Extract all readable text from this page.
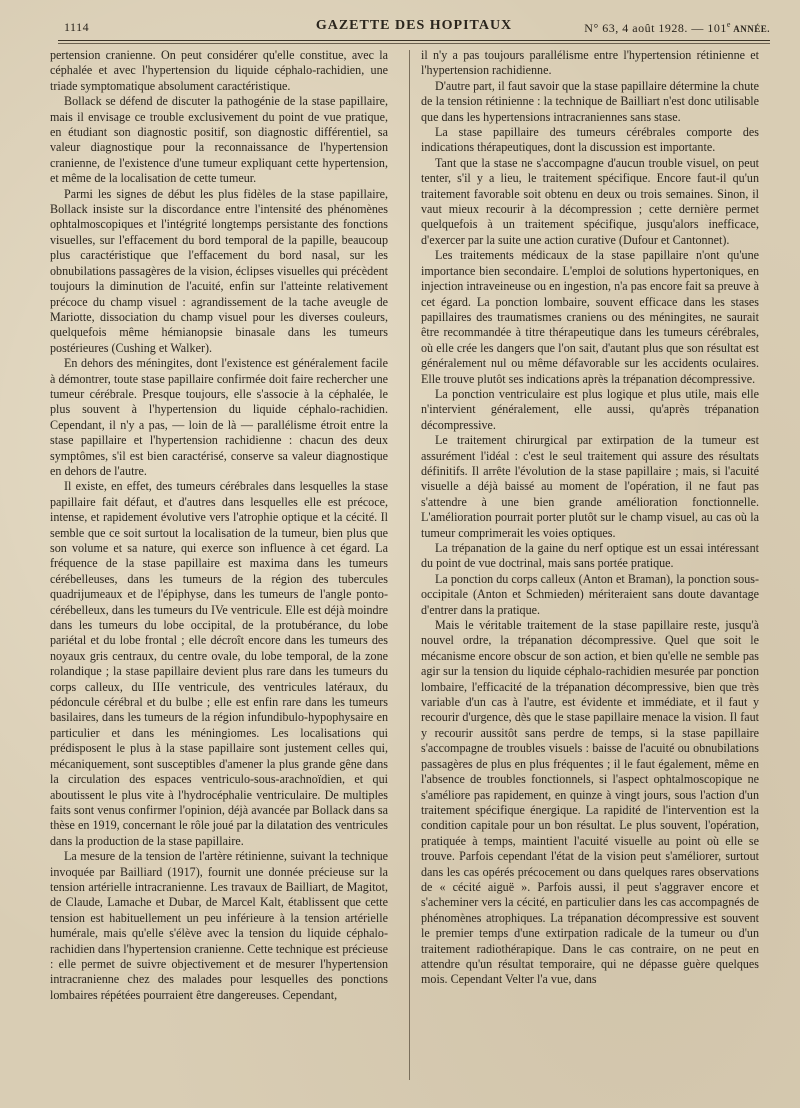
1114	GAZETTE DES HOPITAUX	N° 63, 4 août 1928. — 101e ANNÉE.

pertension cranienne. On peut considérer qu'elle constitue, avec la céphalée et avec l'hypertension du liquide céphalo-rachidien, une triade symptomatique absolument caractéristique.

Bollack se défend de discuter la pathogénie de la stase papillaire, mais il envisage ce trouble exclusivement du point de vue pratique, en étudiant son diagnostic positif, son diagnostic différentiel, sa valeur diagnostique pour la reconnaissance de l'hypertension cranienne, de l'existence d'une tumeur expliquant cette hypertension, et même de la localisation de cette tumeur.

Parmi les signes de début les plus fidèles de la stase papillaire, Bollack insiste sur la discordance entre l'intensité des phénomènes ophtalmoscopiques et l'intégrité longtemps persistante des fonctions visuelles, sur l'effacement du bord temporal de la papille, beaucoup plus caractéristique que l'effacement du bord nasal, sur les obnubilations passagères de la vision, éclipses visuelles qui précèdent toujours la diminution de l'acuité, enfin sur l'atteinte relativement précoce du champ visuel : agrandissement de la tache aveugle de Mariotte, dissociation du champ visuel pour les diverses couleurs, quelquefois même hémianopsie binasale dans les tumeurs postérieures (Cushing et Walker).

En dehors des méningites, dont l'existence est généralement facile à démontrer, toute stase papillaire confirmée doit faire rechercher une tumeur cérébrale. Presque toujours, elle s'associe à la céphalée, le plus souvent à l'hypertension du liquide céphalo-rachidien. Cependant, il n'y a pas, — loin de là — parallélisme étroit entre la stase papillaire et l'hypertension rachidienne : chacun des deux symptômes, s'il est bien caractérisé, conserve sa valeur diagnostique en dehors de l'autre.

Il existe, en effet, des tumeurs cérébrales dans lesquelles la stase papillaire fait défaut, et d'autres dans lesquelles elle est précoce, intense, et rapidement évolutive vers l'atrophie optique et la cécité. Il semble que ce soit surtout la localisation de la tumeur, bien plus que son volume et sa nature, qui exerce son influence à cet égard. La fréquence de la stase papillaire est maxima dans les tumeurs cérébelleuses, dans les tumeurs de la région des tubercules quadrijumeaux et de l'épiphyse, dans les tumeurs de l'angle ponto-cérébelleux, dans les tumeurs du IVe ventricule. Elle est déjà moindre dans les tumeurs du lobe occipital, de la protubérance, du lobe pariétal et du lobe frontal ; elle décroît encore dans les tumeurs des noyaux gris centraux, du centre ovale, du lobe temporal, de la zone rolandique ; la stase papillaire devient plus rare dans les tumeurs du corps calleux, du IIIe ventricule, des ventricules latéraux, du pédoncule cérébral et du bulbe ; elle est enfin rare dans les tumeurs basilaires, dans les tumeurs de la région infundibulo-hypophysaire en particulier et dans les méningiomes. Les localisations qui prédisposent le plus à la stase papillaire sont justement celles qui, mécaniquement, sont susceptibles d'amener la plus grande gêne dans la circulation des espaces ventriculo-sous-arachnoïdien, et qui aboutissent le plus vite à l'hydrocéphalie ventriculaire. De multiples faits sont venus confirmer l'opinion, déjà avancée par Bollack dans sa thèse en 1919, concernant le rôle joué par la dilatation des ventricules dans la production de la stase papillaire.

La mesure de la tension de l'artère rétinienne, suivant la technique invoquée par Bailliard (1917), fournit une donnée précieuse sur la tension artérielle intracranienne. Les travaux de Bailliart, de Magitot, de Claude, Lamache et Dubar, de Marcel Kalt, établissent que cette tension est habituellement un peu inférieure à la tension artérielle humérale, mais qu'elle s'élève avec la tension du liquide céphalo-rachidien dans l'hypertension cranienne. Cette technique est précieuse : elle permet de suivre objectivement et de mesurer l'hypertension intracranienne chez des malades pour lesquelles des ponctions lombaires répétées pourraient être dangereuses. Cependant,

il n'y a pas toujours parallélisme entre l'hypertension rétinienne et l'hypertension rachidienne.

D'autre part, il faut savoir que la stase papillaire détermine la chute de la tension rétinienne : la technique de Bailliart n'est donc utilisable que dans les hypertensions intracraniennes sans stase.

La stase papillaire des tumeurs cérébrales comporte des indications thérapeutiques, dont la discussion est importante.

Tant que la stase ne s'accompagne d'aucun trouble visuel, on peut tenter, s'il y a lieu, le traitement spécifique. Encore faut-il qu'un traitement favorable soit obtenu en deux ou trois semaines. Sinon, il vaut mieux recourir à la décompression ; cette dernière permet quelquefois à un traitement spécifique, jusqu'alors inefficace, d'exercer par la suite une action curative (Dufour et Cantonnet).

Les traitements médicaux de la stase papillaire n'ont qu'une importance bien secondaire. L'emploi de solutions hypertoniques, en injection intraveineuse ou en ingestion, n'a pas encore fait sa preuve à cet égard. La ponction lombaire, souvent efficace dans les stases papillaires des traumatismes craniens ou des méningites, ne saurait être recommandée à titre thérapeutique dans les tumeurs cérébrales, où elle crée les dangers que l'on sait, d'autant plus que son résultat est généralement nul ou même défavorable sur les accidents oculaires. Elle trouve plutôt ses indications après la trépanation décompressive.

La ponction ventriculaire est plus logique et plus utile, mais elle n'intervient généralement, elle aussi, qu'après trépanation décompressive.

Le traitement chirurgical par extirpation de la tumeur est assurément l'idéal : c'est le seul traitement qui assure des résultats définitifs. Il arrête l'évolution de la stase papillaire ; mais, si l'acuité visuelle a déjà baissé au moment de l'opération, il ne faut pas s'attendre à une bien grande amélioration fonctionnelle. L'amélioration pourrait porter plutôt sur le champ visuel, au cas où la tumeur comprimerait les voies optiques.

La trépanation de la gaine du nerf optique est un essai intéressant du point de vue doctrinal, mais sans portée pratique.

La ponction du corps calleux (Anton et Braman), la ponction sous-occipitale (Anton et Schmieden) mériteraient sans doute davantage d'entrer dans la pratique.

Mais le véritable traitement de la stase papillaire reste, jusqu'à nouvel ordre, la trépanation décompressive. Quel que soit le mécanisme encore obscur de son action, et bien qu'elle ne semble pas agir sur la tension du liquide céphalo-rachidien mesurée par ponction lombaire, l'efficacité de la trépanation décompressive, bien que très variable d'un cas à l'autre, est évidente et immédiate, et il faut y recourir d'urgence, dès que le stase papillaire menace la vision. Il faut y recourir aussitôt sans perdre de temps, si la stase papillaire s'accompagne de troubles visuels : baisse de l'acuité ou obnubilations passagères de plus en plus fréquentes ; il le faut également, même en l'absence de troubles fonctionnels, si l'aspect ophtalmoscopique ne s'améliore pas rapidement, en quinze à vingt jours, sous l'action d'un traitement spécifique énergique. La rapidité de l'intervention est la condition capitale pour un bon résultat. Le plus souvent, l'opération, pratiquée à temps, maintient l'acuité visuelle au point où elle se trouve. Parfois cependant l'état de la vision peut s'améliorer, surtout dans les cas opérés précocement ou dans quelques rares observations de « cécité aiguë ». Parfois aussi, il peut s'aggraver encore et s'acheminer vers la cécité, en particulier dans les cas accompagnés de phénomènes atrophiques. La trépanation décompressive est souvent le premier temps d'une extirpation radicale de la tumeur ou d'un traitement radiothérapique. Dans le cas contraire, on ne peut en attendre qu'un résultat temporaire, qui ne dépasse guère quelques mois. Cependant Velter l'a vue, dans
